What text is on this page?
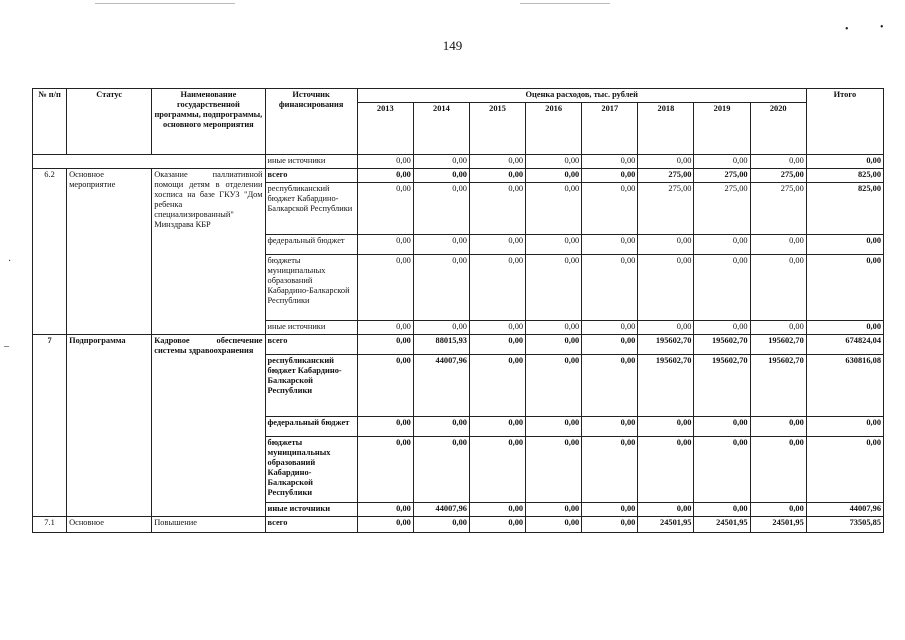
•	•
·
–
149
№ п/п	Статус	Наименование государственной программы, подпрограммы, основного мероприятия	Источник финансирования	Оценка расходов, тыс. рублей								Итого
				2013	2014	2015	2016	2017	2018	2019	2020	
			иные источники	0,00	0,00	0,00	0,00	0,00	0,00	0,00	0,00	0,00
6.2	Основное мероприятие	Оказание паллиативной помощи детям в отделении хосписа на базе ГКУЗ "Дом ребенка специализированный" Минздрава КБР	всего	0,00	0,00	0,00	0,00	0,00	275,00	275,00	275,00	825,00
			республиканский бюджет Кабардино-Балкарской Республики	0,00	0,00	0,00	0,00	0,00	275,00	275,00	275,00	825,00
			федеральный бюджет	0,00	0,00	0,00	0,00	0,00	0,00	0,00	0,00	0,00
			бюджеты муниципальных образований Кабардино-Балкарской Республики	0,00	0,00	0,00	0,00	0,00	0,00	0,00	0,00	0,00
			иные источники	0,00	0,00	0,00	0,00	0,00	0,00	0,00	0,00	0,00
7	Подпрограмма	Кадровое обеспечение системы здравоохранения	всего	0,00	88015,93	0,00	0,00	0,00	195602,70	195602,70	195602,70	674824,04
			республиканский бюджет Кабардино-Балкарской Республики	0,00	44007,96	0,00	0,00	0,00	195602,70	195602,70	195602,70	630816,08
			федеральный бюджет	0,00	0,00	0,00	0,00	0,00	0,00	0,00	0,00	0,00
			бюджеты муниципальных образований Кабардино-Балкарской Республики	0,00	0,00	0,00	0,00	0,00	0,00	0,00	0,00	0,00
			иные источники	0,00	44007,96	0,00	0,00	0,00	0,00	0,00	0,00	44007,96
7.1	Основное	Повышение	всего	0,00	0,00	0,00	0,00	0,00	24501,95	24501,95	24501,95	73505,85
